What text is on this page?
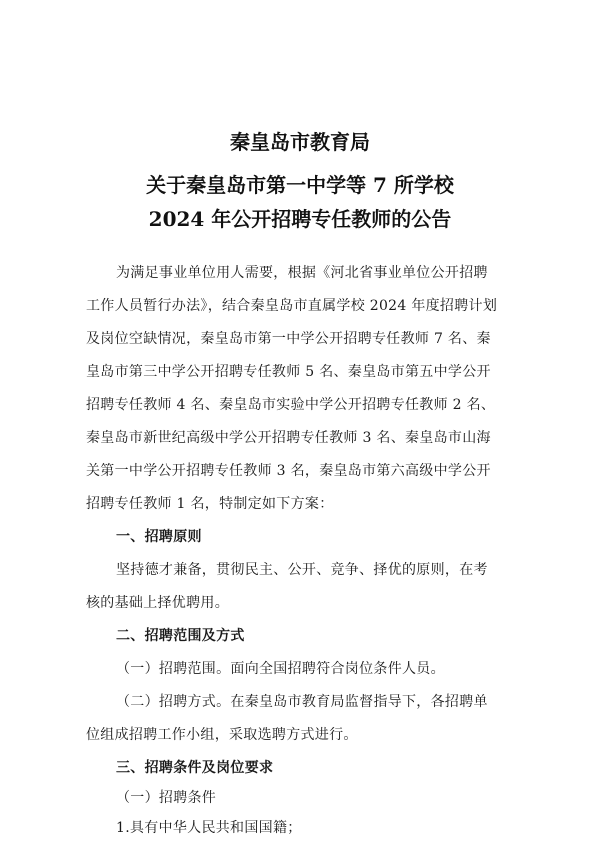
秦皇岛市教育局
关于秦皇岛市第一中学等 7 所学校
2024 年公开招聘专任教师的公告
为满足事业单位用人需要，根据《河北省事业单位公开招聘
工作人员暂行办法》，结合秦皇岛市直属学校 2024 年度招聘计划
及岗位空缺情况，秦皇岛市第一中学公开招聘专任教师 7 名、秦
皇岛市第三中学公开招聘专任教师 5 名、秦皇岛市第五中学公开
招聘专任教师 4 名、秦皇岛市实验中学公开招聘专任教师 2 名、
秦皇岛市新世纪高级中学公开招聘专任教师 3 名、秦皇岛市山海
关第一中学公开招聘专任教师 3 名，秦皇岛市第六高级中学公开
招聘专任教师 1 名，特制定如下方案：
一、招聘原则
坚持德才兼备，贯彻民主、公开、竞争、择优的原则，在考
核的基础上择优聘用。
二、招聘范围及方式
（一）招聘范围。面向全国招聘符合岗位条件人员。
（二）招聘方式。在秦皇岛市教育局监督指导下，各招聘单
位组成招聘工作小组，采取选聘方式进行。
三、招聘条件及岗位要求
（一）招聘条件
1.具有中华人民共和国国籍；
